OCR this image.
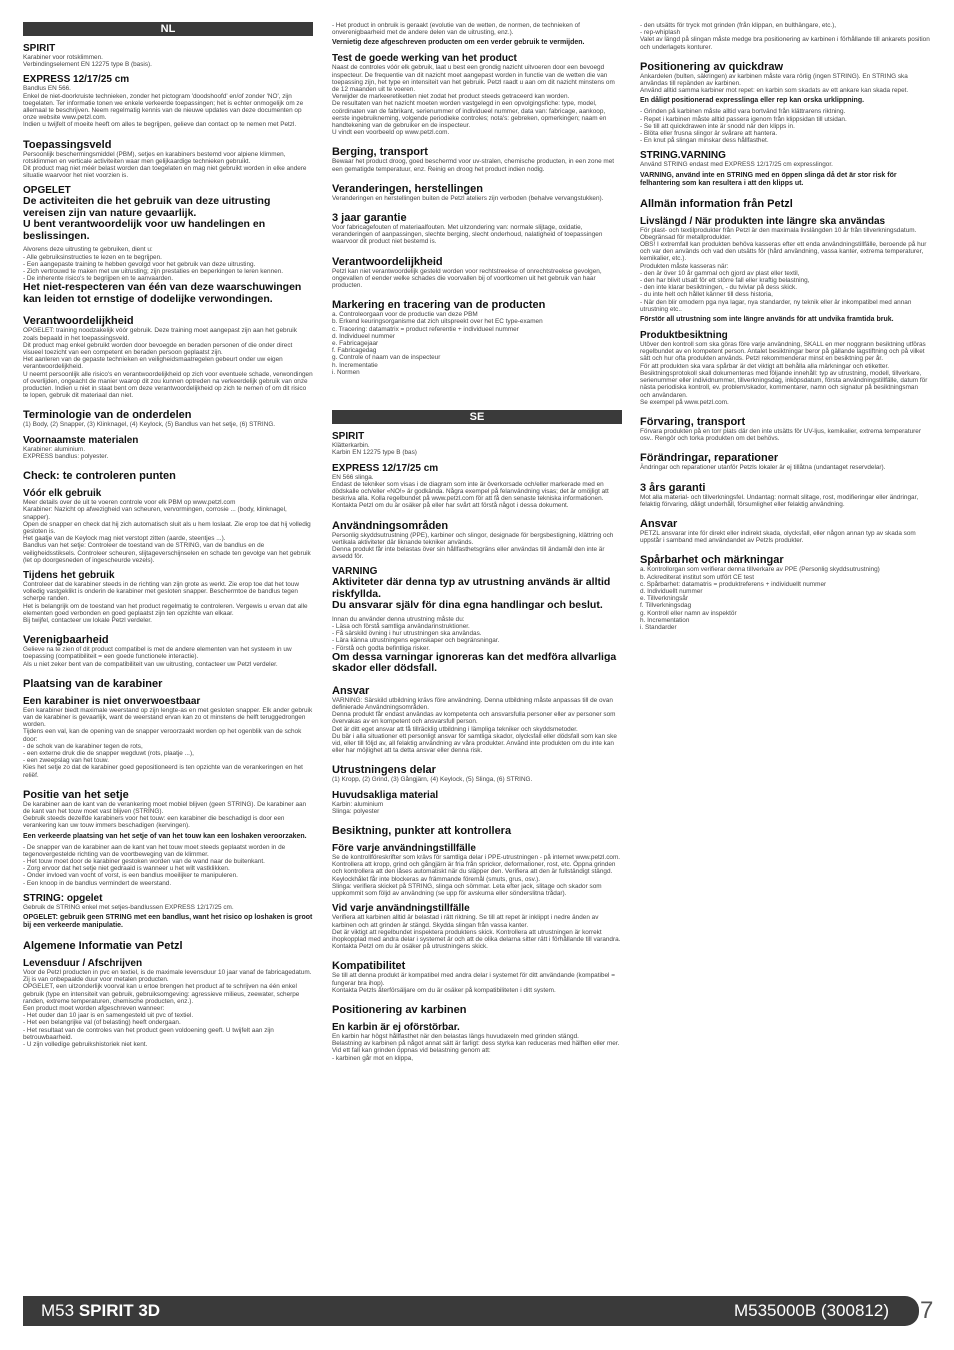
NL
SPIRIT
Karabiner voor rotsklimmen.
Verbindingselement EN 12275 type B (basis).
EXPRESS 12/17/25 cm
Bandlus EN 566.
Enkel de niet-doorkruiste technieken, zonder het pictogram 'doodshoofd' en/of zonder 'NO', zijn toegelaten. Ter informatie tonen we enkele verkeerde toepassingen; het is echter onmogelijk om ze allemaal te beschrijven. Neem regelmatig kennis van de nieuwe updates van deze documenten op onze website www.petzl.com.
Indien u twijfelt of moeite heeft om alles te begrijpen, gelieve dan contact op te nemen met Petzl.
Toepassingsveld
Persoonlijk beschermingsmiddel (PBM), setjes en karabiners bestemd voor alpiene klimmen, rotsklimmen en verticale activiteiten waar men gelijkaardige technieken gebruikt.
Dit product mag niet méér belast worden dan toegelaten en mag niet gebruikt worden in elke andere situatie waarvoor het niet voorzien is.
OPGELET
De activiteiten die het gebruik van deze uitrusting vereisen zijn van nature gevaarlijk.
U bent verantwoordelijk voor uw handelingen en beslissingen.
Alvorens deze uitrusting te gebruiken, dient u:
- Alle gebruiksinstructies te lezen en te begrijpen.
- Een aangepaste training te hebben gevolgd voor het gebruik van deze uitrusting.
- Zich vertrouwd te maken met uw uitrusting; zijn prestaties en beperkingen te leren kennen.
- De inherente risico's te begrijpen en te aanvaarden.
Het niet-respecteren van één van deze waarschuwingen kan leiden tot ernstige of dodelijke verwondingen.
Verantwoordelijkheid
OPGELET: training noodzakelijk vóór gebruik. Deze training moet aangepast zijn aan het gebruik zoals bepaald in het toepassingsveld.
Dit product mag enkel gebruikt worden door bevoegde en beraden personen of die onder direct visueel toezicht van een competent en beraden persoon geplaatst zijn.
Het aanleren van de gepaste technieken en veiligheidsmaatregelen gebeurt onder uw eigen verantwoordelijkheid.
U neemt persoonlijk alle risico's en verantwoordelijkheid op zich voor eventuele schade, verwondingen of overlijden, ongeacht de manier waarop dit zou kunnen optreden na verkeerdelijk gebruik van onze producten. Indien u niet in staat bent om deze verantwoordelijkheid op zich te nemen of om dit risico te lopen, gebruik dit materiaal dan niet.
Terminologie van de onderdelen
(1) Body, (2) Snapper, (3) Klinknagel, (4) Keylock, (5) Bandlus van het setje, (6) STRING.
Voornaamste materialen
Karabiner: aluminium.
EXPRESS bandlus: polyester.
Check: te controleren punten
Vóór elk gebruik
Meer details over de uit te voeren controle voor elk PBM op www.petzl.com
Karabiner: Nazicht op afwezigheid van scheuren, vervormingen, corrosie ... (body, klinknagel, snapper).
Open de snapper en check dat hij zich automatisch sluit als u hem loslaat. Zie erop toe dat hij volledig gesloten is.
Het gaatje van de Keylock mag niet verstopt zitten (aarde, steentjes ...).
Bandlus van het setje: Controleer de toestand van de STRING, van de bandlus en de veiligheidsstiksels. Controleer scheuren, slijtageverschijnselen en schade ten gevolge van het gebruik (let op doorgesneden of ingescheurde vezels).
Tijdens het gebruik
Controleer dat de karabiner steeds in de richting van zijn grote as werkt. Zie erop toe dat het touw volledig vastgeklikt is onderin de karabiner met gesloten snapper. Beschermtoe de bandlus tegen scherpe randen.
Het is belangrijk om de toestand van het product regelmatig te controleren. Vergewis u ervan dat alle elementen goed verbonden en goed geplaatst zijn ten opzichte van elkaar.
Bij twijfel, contacteer uw lokale Petzl verdeler.
Verenigbaarheid
Gelieve na te zien of dit product compatibel is met de andere elementen van het systeem in uw toepassing (compatibiliteit = een goede functionele interactie).
Als u niet zeker bent van de compatibiliteit van uw uitrusting, contacteer uw Petzl verdeler.
Plaatsing van de karabiner
Een karabiner is niet onverwoestbaar
Een karabiner biedt maximale weerstand op zijn lengte-as en met gesloten snapper. Elk ander gebruik van de karabiner is gevaarlijk, want de weerstand ervan kan zo ot minstens de helft teruggedrongen worden.
Tijdens een val, kan de opening van de snapper veroorzaakt worden op het ogenblik van de schok door:
- de schok van de karabiner tegen de rots,
- een externe druk die de snapper wegduwt (rots, plaatje ...),
- een zweepslag van het touw.
Kies het setje zo dat de karabiner goed gepositioneerd is ten opzichte van de verankeringen en het reliëf.
Positie van het setje
De karabiner aan de kant van de verankering moet mobiel blijven (geen STRING). De karabiner aan de kant van het touw moet vast blijven (STRING).
Gebruik steeds dezelfde karabiners voor het touw: een karabiner die beschadigd is door een verankering kan uw touw immers beschadigen (kervingen).
Een verkeerde plaatsing van het setje of van het touw kan een loshaken veroorzaken.
- De snapper van de karabiner aan de kant van het touw moet steeds geplaatst worden in de tegenovergestelde richting van de voortbeweging van de klimmer.
- Het touw moet door de karabiner gestoken worden van de wand naar de buitenkant.
- Zorg ervoor dat het setje niet gedraaid is wanneer u het wilt vastklikken.
- Onder invloed van vocht of vorst, is een bandlus moeilijker te manipuleren.
- Een knoop in de bandlus vermindert de weerstand.
STRING: opgelet
Gebruik de STRING enkel met setjes-bandlussen EXPRESS 12/17/25 cm.
OPGELET: gebruik geen STRING met een bandlus, want het risico op loshaken is groot bij een verkeerde manipulatie.
Algemene Informatie van Petzl
Levensduur / Afschrijven
Voor de Petzl producten in pvc en textiel, is de maximale levensduur 10 jaar vanaf de fabricagedatum. Zij is van onbepaalde duur voor metalen producten.
OPGELET, een uitzonderlijk voorval kan u ertoe brengen het product af te schrijven na één enkel gebruik (type en intensiteit van gebruik, gebruiksomgeving: agressieve milieus, zeewater, scherpe randen, extreme temperaturen, chemische producten, enz.).
Een product moet worden afgeschreven wanneer:
- Het ouder dan 10 jaar is en samengesteld uit pvc of textiel.
- Het een belangrijke val (of belasting) heeft ondergaan.
- Het resultaat van de controles van het product geen voldoening geeft. U twijfelt aan zijn betrouwbaarheid.
- U zijn volledige gebruikshistoriek niet kent.
- Het product in onbruik is geraakt (evolutie van de wetten, de normen, de technieken of onverenigbaarheid met de andere delen van de uitrusting, enz.).
Vernietig deze afgeschreven producten om een verder gebruik te vermijden.
Test de goede werking van het product
Naast de controles vóór elk gebruik, laat u best een grondig nazicht uitvoeren door een bevoegd inspecteur. De frequentie van dit nazicht moet aangepast worden in functie van de wetten die van toepassing zijn, het type en intensiteit van het gebruik. Petzl raadt u aan om dit nazicht minstens om de 12 maanden uit te voeren.
Verwijder de markeeretiketten niet zodat het product steeds getraceerd kan worden.
De resultaten van het nazicht moeten worden vastgelegd in een opvolgingsfiche: type, model, coördinaten van de fabrikant, serienummer of individueel nummer, data van: fabricage, aankoop, eerste ingebruikneming, volgende periodieke controles; nota's: gebreken, opmerkingen; naam en handtekening van de gebruiker en de inspecteur.
U vindt een voorbeeld op www.petzl.com.
Berging, transport
Bewaar het product droog, goed beschermd voor uv-stralen, chemische producten, in een zone met een gematigde temperatuur, enz. Reinig en droog het product indien nodig.
Veranderingen, herstellingen
Veranderingen en herstellingen buiten de Petzl ateliers zijn verboden (behalve vervangstukken).
3 jaar garantie
Voor fabricagefouten of materiaalfouten. Met uitzondering van: normale slijtage, oxidatie, veranderingen of aanpassingen, slechte berging, slecht onderhoud, nalatigheid of toepassingen waarvoor dit product niet bestemd is.
Verantwoordelijkheid
Petzl kan niet verantwoordelijk gesteld worden voor rechtstreekse of onrechtstreekse gevolgen, ongevallen of eender welke schades die voorvallen bij of voortkomen uit het gebruik van haar producten.
Markering en tracering van de producten
a. Controleorgaan voor de productie van deze PBM
b. Erkend keuringsorganisme dat zich uitspreekt over het EC type-examen
c. Tracering: datamatrix = product referentie + individueel nummer
d. Individueel nummer
e. Fabricagejaar
f. Fabricagedag
g. Controle of naam van de inspecteur
h. Incrementatie
i. Normen
SE
SPIRIT
Klätterkarbin.
Karbin EN 12275 type B (bas)
EXPRESS 12/17/25 cm
EN 566 slinga.
Endast de tekniker som visas i de diagram som inte är överkorsade och/eller markerade med en dödskalle och/eller «NO!» är godkända. Några exempel på felanvändning visas; det är omöjligt att beskriva alla. Kolla regelbundet på www.petzl.com för att få den senaste tekniska informationen.
Kontakta Petzl om du är osäker på eller har svårt att förstå något i dessa dokument.
Användningsområden
Personlig skyddsutrustning (PPE), karbiner och slingor, designade för bergsbestigning, klättring och vertikala aktiviteter där liknande tekniker används.
Denna produkt får inte belastas över sin hållfasthetsgräns eller användas till ändamål den inte är avsedd för.
VARNING
Aktiviteter där denna typ av utrustning används är alltid riskfyllda.
Du ansvarar själv för dina egna handlingar och beslut.
Innan du använder denna utrustning måste du:
- Läsa och förstå samtliga användarinstruktioner.
- Få särskild övning i hur utrustningen ska användas.
- Lära känna utrustningens egenskaper och begränsningar.
- Förstå och godta befintliga risker.
Om dessa varningar ignoreras kan det medföra allvarliga skador eller dödsfall.
Ansvar
VARNING: Särskild utbildning krävs före användning. Denna utbildning måste anpassas till de ovan definierade Användningsområden.
Denna produkt får endast användas av kompetenta och ansvarsfulla personer eller av personer som övervakas av en kompetent och ansvarsfull person.
Det är ditt eget ansvar att få tillräcklig utbildning i lämpliga tekniker och skyddsmetoder.
Du bär i alla situationer ett personligt ansvar för samtliga skador, olycksfall eller dödsfall som kan ske vid, eller till följd av, all felaktig användning av våra produkter. Använd inte produkten om du inte kan eller har möjlighet att ta detta ansvar eller denna risk.
Utrustningens delar
(1) Kropp, (2) Grind, (3) Gångjärn, (4) Keylock, (5) Slinga, (6) STRING.
Huvudsakliga material
Karbin: aluminium
Slinga: polyester
Besiktning, punkter att kontrollera
Före varje användningstillfälle
Se de kontrollföreskrifter som krävs för samtliga delar i PPE-utrustningen - på internet www.petzl.com.
Kontrollera att kropp, grind och gångjärn är fria från sprickor, deformationer, rost, etc. Öppna grinden och kontrollera att den låses automatiskt när du släpper den. Verifiera att den är fullständigt stängd.
Keylockhålet får inte blockeras av främmande föremål (smuts, grus, osv.).
Slinga: verifiera skicket på STRING, slinga och sömmar. Leta efter jack, slitage och skador som uppkommit som följd av användning (se upp för avskurna eller sönderslitna trådar).
Vid varje användningstillfälle
Verifiera att karbinen alltid är belastad i rätt riktning. Se till att repet är inklippt i nedre änden av karbinen och att grinden är stängd. Skydda slingan från vassa kanter.
Det är viktigt att regelbundet inspektera produktens skick. Kontrollera att utrustningen är korrekt ihopkopplad med andra delar i systemet är och att de olika delarna sitter rätt i förhållande till varandra.
Kontakta Petzl om du är osäker på utrustningens skick.
Kompatibilitet
Se till att denna produkt är kompatibel med andra delar i systemet för ditt användande (kompatibel = fungerar bra ihop).
Kontakta Petzls återförsäljare om du är osäker på kompatibiliteten i ditt system.
Positionering av karbinen
En karbin är ej oförstörbar.
En karbin har högst hållfasthet när den belastas längs huvudaxeln med grinden stängd.
Belastning av karbinen på något annat sätt är farligt: dess styrka kan reduceras med hälften eller mer.
Vid ett fall kan grinden öppnas vid belastning genom att:
- karbinen går mot en klippa,
- den utsätts för tryck mot grinden (från klippan, en bulthängare, etc.),
- rep-whiplash
Valet av längd på slingan måste medge bra positionering av karbinen i förhållande till ankarets position och underlagets konturer.
Positionering av quickdraw
Ankardelen (bulten, säkringen) av karbinen måste vara rörlig (ingen STRING). En STRING ska användas till repänden av karbinen.
Använd alltid samma karbiner mot repet: en karbin som skadats av ett ankare kan skada repet.
En dåligt positionerad expresslinga eller rep kan orska urklippning.
- Grinden på karbinen måste alltid vara bortvänd från klättrarens riktning.
- Repet i karbinen måste alltid passera igenom från klippsidan till utsidan.
- Se till att quickdrawen inte är snodd när den klipps in.
- Blöta eller frusna slingor är svårare att hantera.
- En knut på slingan minskar dess hållfasthet.
STRING.VARNING
Använd STRING endast med EXPRESS 12/17/25 cm expresslingor.
VARNING, använd inte en STRING med en öppen slinga då det är stor risk för felhantering som kan resultera i att den klipps ut.
Allmän information från Petzl
Livslängd / När produkten inte längre ska användas
För plast- och textilprodukter från Petzl är den maximala livslängden 10 år från tillverkningsdatum. Obegränsad för metallprodukter.
OBS! I extremfall kan produkten behöva kasseras efter ett enda användningstillfälle, beroende på hur och var den används och vad den utsätts för (hård användning, vassa kanter, extrema temperaturer, kemikalier, etc.).
Produkten måste kasseras när:
- den är över 10 år gammal och gjord av plast eller textil,
- den har blivit utsatt för ett större fall eller kraftig belastning,
- den inte klarar besiktningen, - du tvivlar på dess skick.
- du inte helt och hållet känner till dess historia,
- När den blir omodern pga nya lagar, nya standarder, ny teknik eller är inkompatibel med annan utrustning etc..
Förstör all utrustning som inte längre används för att undvika framtida bruk.
Produktbesiktning
Utöver den kontroll som ska göras före varje användning, SKALL en mer noggrann besiktning utföras regelbundet av en kompetent person. Antalet besiktningar beror på gällande lagstiftning och på vilket sätt och hur ofta produkten används. Petzl rekommenderar minst en besiktning per år.
För att produkten ska vara spårbar är det viktigt att behålla alla märkningar och etiketter.
Besiktningsprotokoll skall dokumenteras med följande innehåll: typ av utrustning, modell, tillverkare, serienummer eller individnummer, tillverkningsdag, inköpsdatum, första användningstillfälle, datum för nästa periodiska kontroll, ev. problem/skador, kommentarer, namn och signatur på besiktningsman och användaren.
Se exempel på www.petzl.com.
Förvaring, transport
Förvara produkten på en torr plats där den inte utsätts för UV-ljus, kemikalier, extrema temperaturer osv.. Rengör och torka produkten om det behövs.
Förändringar, reparationer
Ändringar och reparationer utanför Petzls lokaler är ej tillåtna (undantaget reservdelar).
3 års garanti
Mot alla material- och tillverkningsfel. Undantag: normalt slitage, rost, modifieringar eller ändringar, felaktig förvaring, dåligt underhåll, försumlighet eller felaktig användning.
Ansvar
PETZL ansvarar inte för direkt eller indirekt skada, olycksfall, eller någon annan typ av skada som uppstår i samband med användandet av Petzls produkter.
Spårbarhet och märkningar
a. Kontrollorgan som verifierar denna tillverkare av PPE (Personlig skyddsutrustning)
b. Ackrediterat institut som utfört CE test
c. Spårbarhet: datamatris = produktreferens + individuellt nummer
d. Individuellt nummer
e. Tillverkningsår
f. Tillverkningsdag
g. Kontroll eller namn av inspektör
h. Incrementation
i. Standarder
M53 SPIRIT 3D	M535000B (300812) 7
